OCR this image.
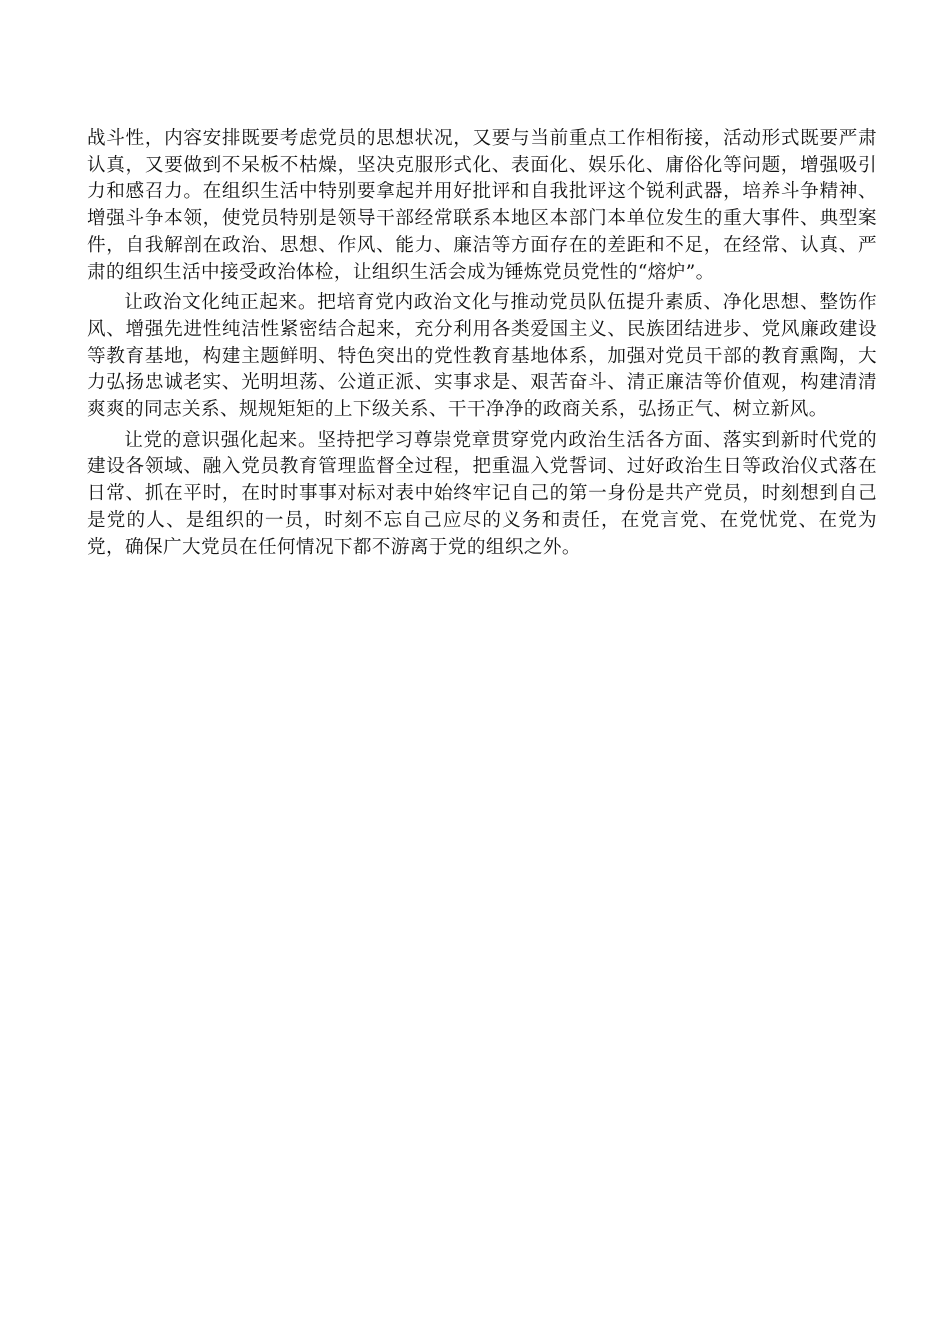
战斗性，内容安排既要考虑党员的思想状况，又要与当前重点工作相衔接，活动形式既要严肃认真，又要做到不呆板不枯燥，坚决克服形式化、表面化、娱乐化、庸俗化等问题，增强吸引力和感召力。在组织生活中特别要拿起并用好批评和自我批评这个锐利武器，培养斗争精神、增强斗争本领，使党员特别是领导干部经常联系本地区本部门本单位发生的重大事件、典型案件，自我解剖在政治、思想、作风、能力、廉洁等方面存在的差距和不足，在经常、认真、严肃的组织生活中接受政治体检，让组织生活会成为锤炼党员党性的“熔炉”。

让政治文化纯正起来。把培育党内政治文化与推动党员队伍提升素质、净化思想、整饬作风、增强先进性纯洁性紧密结合起来，充分利用各类爱国主义、民族团结进步、党风廉政建设等教育基地，构建主题鲜明、特色突出的党性教育基地体系，加强对党员干部的教育熏陶，大力弘扬忠诚老实、光明坦荡、公道正派、实事求是、艰苦奋斗、清正廉洁等价值观，构建清清爽爽的同志关系、规规矩矩的上下级关系、干干净净的政商关系，弘扬正气、树立新风。

让党的意识强化起来。坚持把学习尊崇党章贯穿党内政治生活各方面、落实到新时代党的建设各领域、融入党员教育管理监督全过程，把重温入党誓词、过好政治生日等政治仪式落在日常、抓在平时，在时时事事对标对表中始终牢记自己的第一身份是共产党员，时刻想到自己是党的人、是组织的一员，时刻不忘自己应尽的义务和责任，在党言党、在党忧党、在党为党，确保广大党员在任何情况下都不游离于党的组织之外。
